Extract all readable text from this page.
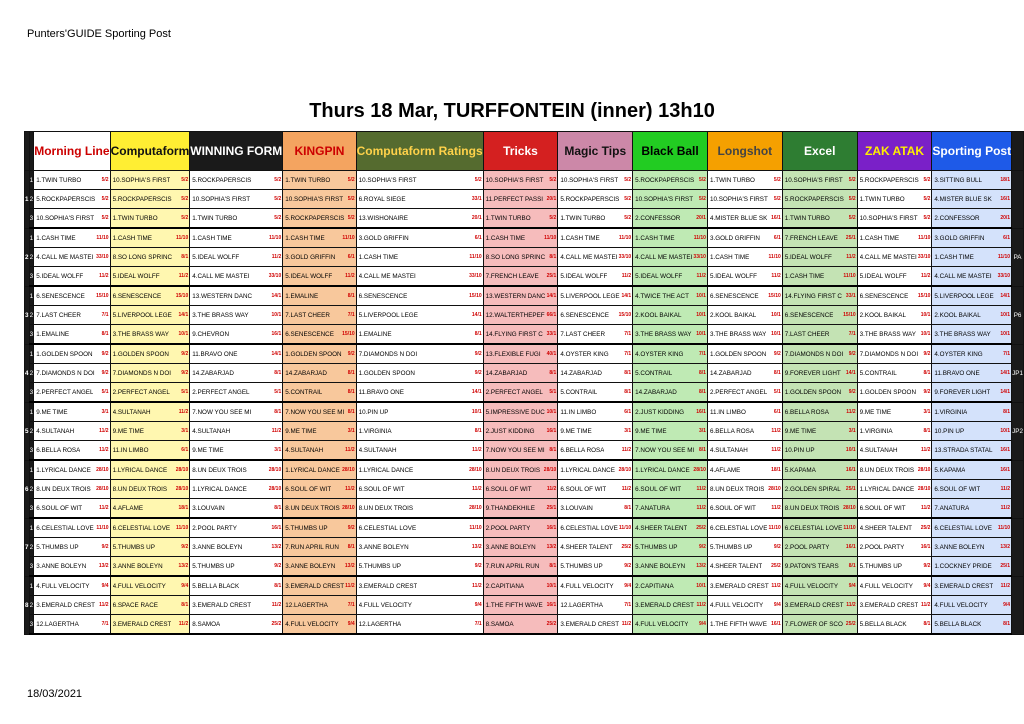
Punters'GUIDE Sporting Post
Thurs 18 Mar, TURFFONTEIN (inner) 13h10

Morning Line	Computaform	WINNING FORM	KINGPIN	Computaform Ratings	Tricks	Magic Tips	Black Ball	Longshot	Excel	ZAK ATAK	Sporting Post	

1	1	1.TWIN TURBO 5/2	10.SOPHIA'S FIRST 5/2	5.ROCKPAPERSCIS 5/2	1.TWIN TURBO 5/2	10.SOPHIA'S FIRST 5/2	10.SOPHIA'S FIRST 5/2	10.SOPHIA'S FIRST 5/2	5.ROCKPAPERSCIS 5/2	1.TWIN TURBO 5/2	10.SOPHIA'S FIRST 5/2	5.ROCKPAPERSCIS 5/2	3.SITTING BULL 18/1	

	2	5.ROCKPAPERSCIS 5/2	5.ROCKPAPERSCIS 5/2	10.SOPHIA'S FIRST 5/2	10.SOPHIA'S FIRST 5/2	6.ROYAL SIEGE 33/1	11.PERFECT PASSI 20/1	5.ROCKPAPERSCIS 5/2	10.SOPHIA'S FIRST 5/2	10.SOPHIA'S FIRST 5/2	5.ROCKPAPERSCIS 5/2	1.TWIN TURBO 5/2	4.MISTER BLUE SK 16/1	

	3	10.SOPHIA'S FIRST 5/2	1.TWIN TURBO 5/2	1.TWIN TURBO 5/2	5.ROCKPAPERSCIS 5/2	13.WISHONAIRE 20/1	1.TWIN TURBO 5/2	1.TWIN TURBO 5/2	2.CONFESSOR 20/1	4.MISTER BLUE SK 16/1	1.TWIN TURBO 5/2	10.SOPHIA'S FIRST 5/2	2.CONFESSOR 20/1	

2	1	1.CASH TIME 11/10	1.CASH TIME 11/10	1.CASH TIME 11/10	1.CASH TIME 11/10	3.GOLD GRIFFIN 6/1	1.CASH TIME 11/10	1.CASH TIME 11/10	1.CASH TIME 11/10	3.GOLD GRIFFIN 6/1	7.FRENCH LEAVE 25/1	1.CASH TIME 11/10	3.GOLD GRIFFIN 6/1	PA
	2	4.CALL ME MASTEI 33/10	8.SO LONG SPRINC 8/1	5.IDEAL WOLFF 11/2	3.GOLD GRIFFIN 6/1	1.CASH TIME 11/10	8.SO LONG SPRINC 8/1	4.CALL ME MASTEI 33/10	4.CALL ME MASTEI 33/10	1.CASH TIME 11/10	5.IDEAL WOLFF 11/2	4.CALL ME MASTEI 33/10	1.CASH TIME 11/10	

	3	5.IDEAL WOLFF 11/2	5.IDEAL WOLFF 11/2	4.CALL ME MASTEI 33/10	5.IDEAL WOLFF 11/2	4.CALL ME MASTEI 33/10	7.FRENCH LEAVE 25/1	5.IDEAL WOLFF 11/2	5.IDEAL WOLFF 11/2	5.IDEAL WOLFF 11/2	1.CASH TIME 11/10	5.IDEAL WOLFF 11/2	4.CALL ME MASTEI 33/10	

3	1	6.SENESCENCE 15/10	6.SENESCENCE 15/10	13.WESTERN DANC 14/1	1.EMALINE 8/1	6.SENESCENCE 15/10	13.WESTERN DANC 14/1	5.LIVERPOOL LEGE 14/1	4.TWICE THE ACT 10/1	6.SENESCENCE 15/10	14.FLYING FIRST C 33/1	6.SENESCENCE 15/10	5.LIVERPOOL LEGE 14/1	P6
	2	7.LAST CHEER 7/1	5.LIVERPOOL LEGE 14/1	3.THE BRASS WAY 10/1	7.LAST CHEER 7/1	5.LIVERPOOL LEGE 14/1	12.WALTERTHEPEF 66/1	6.SENESCENCE 15/10	2.KOOL BAIKAL 10/1	2.KOOL BAIKAL 10/1	6.SENESCENCE 15/10	2.KOOL BAIKAL 10/1	2.KOOL BAIKAL 10/1	

	3	1.EMALINE 8/1	3.THE BRASS WAY 10/1	9.CHEVRON 16/1	6.SENESCENCE 15/10	1.EMALINE 8/1	14.FLYING FIRST C 33/1	7.LAST CHEER 7/1	3.THE BRASS WAY 10/1	3.THE BRASS WAY 10/1	7.LAST CHEER 7/1	3.THE BRASS WAY 10/1	3.THE BRASS WAY 10/1	

4	1	1.GOLDEN SPOON 9/2	1.GOLDEN SPOON 9/2	11.BRAVO ONE 14/1	1.GOLDEN SPOON 9/2	7.DIAMONDS N DOI 9/2	13.FLEXIBLE FUGI 40/1	4.OYSTER KING 7/1	4.OYSTER KING 7/1	1.GOLDEN SPOON 9/2	7.DIAMONDS N DOI 9/2	7.DIAMONDS N DOI 9/2	4.OYSTER KING 7/1	JP1
	2	7.DIAMONDS N DOI 9/2	7.DIAMONDS N DOI 9/2	14.ZABARJAD 8/1	14.ZABARJAD 8/1	1.GOLDEN SPOON 9/2	14.ZABARJAD 8/1	14.ZABARJAD 8/1	5.CONTRAIL 8/1	14.ZABARJAD 8/1	9.FOREVER LIGHT 14/1	5.CONTRAIL 8/1	11.BRAVO ONE 14/1	

	3	2.PERFECT ANGEL 5/1	2.PERFECT ANGEL 5/1	2.PERFECT ANGEL 5/1	5.CONTRAIL 8/1	11.BRAVO ONE 14/1	2.PERFECT ANGEL 5/1	5.CONTRAIL 8/1	14.ZABARJAD 8/1	2.PERFECT ANGEL 5/1	1.GOLDEN SPOON 9/2	1.GOLDEN SPOON 9/2	9.FOREVER LIGHT 14/1	

5	1	9.ME TIME 3/1	4.SULTANAH 11/2	7.NOW YOU SEE MI 8/1	7.NOW YOU SEE MI 8/1	10.PIN UP 10/1	5.IMPRESSIVE DUC 10/1	11.IN LIMBO 6/1	2.JUST KIDDING 16/1	11.IN LIMBO 6/1	6.BELLA ROSA 11/2	9.ME TIME 3/1	1.VIRGINIA 8/1	JP2
	2	4.SULTANAH 11/2	9.ME TIME 3/1	4.SULTANAH 11/2	9.ME TIME 3/1	1.VIRGINIA 8/1	2.JUST KIDDING 16/1	9.ME TIME 3/1	9.ME TIME 3/1	6.BELLA ROSA 11/2	9.ME TIME 3/1	1.VIRGINIA 8/1	10.PIN UP 10/1	

	3	6.BELLA ROSA 11/2	11.IN LIMBO 6/1	9.ME TIME 3/1	4.SULTANAH 11/2	4.SULTANAH 11/2	7.NOW YOU SEE MI 8/1	6.BELLA ROSA 11/2	7.NOW YOU SEE MI 8/1	4.SULTANAH 11/2	10.PIN UP 10/1	4.SULTANAH 11/2	13.STRADA STATAL 16/1	

6	1	1.LYRICAL DANCE 28/10	1.LYRICAL DANCE 28/10	8.UN DEUX TROIS 28/10	1.LYRICAL DANCE 28/10	1.LYRICAL DANCE 28/10	8.UN DEUX TROIS 28/10	1.LYRICAL DANCE 28/10	1.LYRICAL DANCE 28/10	4.AFLAME 18/1	5.KAPAMA 16/1	8.UN DEUX TROIS 28/10	5.KAPAMA 16/1	

	2	8.UN DEUX TROIS 28/10	8.UN DEUX TROIS 28/10	1.LYRICAL DANCE 28/10	6.SOUL OF WIT 11/2	6.SOUL OF WIT 11/2	6.SOUL OF WIT 11/2	6.SOUL OF WIT 11/2	6.SOUL OF WIT 11/2	8.UN DEUX TROIS 28/10	2.GOLDEN SPIRAL 25/1	1.LYRICAL DANCE 28/10	6.SOUL OF WIT 11/2	

	3	6.SOUL OF WIT 11/2	4.AFLAME 18/1	3.LOUVAIN 8/1	8.UN DEUX TROIS 28/10	8.UN DEUX TROIS 28/10	9.THANDEKHILE 25/1	3.LOUVAIN 8/1	7.ANATURA 11/2	6.SOUL OF WIT 11/2	8.UN DEUX TROIS 28/10	6.SOUL OF WIT 11/2	7.ANATURA 11/2	

7	1	6.CELESTIAL LOVE 11/10	6.CELESTIAL LOVE 11/10	2.POOL PARTY 16/1	5.THUMBS UP 9/2	6.CELESTIAL LOVE 11/10	2.POOL PARTY 16/1	6.CELESTIAL LOVE 11/10	4.SHEER TALENT 25/2	6.CELESTIAL LOVE 11/10	6.CELESTIAL LOVE 11/10	4.SHEER TALENT 25/2	6.CELESTIAL LOVE 11/10	

	2	5.THUMBS UP 9/2	5.THUMBS UP 9/2	3.ANNE BOLEYN 13/2	7.RUN APRIL RUN 8/1	3.ANNE BOLEYN 13/2	3.ANNE BOLEYN 13/2	4.SHEER TALENT 25/2	5.THUMBS UP 9/2	5.THUMBS UP 9/2	2.POOL PARTY 16/1	2.POOL PARTY 16/1	3.ANNE BOLEYN 13/2	

	3	3.ANNE BOLEYN 13/2	3.ANNE BOLEYN 13/2	5.THUMBS UP 9/2	3.ANNE BOLEYN 13/2	5.THUMBS UP 9/2	7.RUN APRIL RUN 8/1	5.THUMBS UP 9/2	3.ANNE BOLEYN 13/2	4.SHEER TALENT 25/2	9.PATON'S TEARS 8/1	5.THUMBS UP 9/2	1.COCKNEY PRIDE 25/1	

8	1	4.FULL VELOCITY 9/4	4.FULL VELOCITY 9/4	5.BELLA BLACK 8/1	3.EMERALD CREST 11/2	3.EMERALD CREST 11/2	2.CAPITIANA 10/1	4.FULL VELOCITY 9/4	2.CAPITIANA 10/1	3.EMERALD CREST 11/2	4.FULL VELOCITY 9/4	4.FULL VELOCITY 9/4	3.EMERALD CREST 11/2	

	2	3.EMERALD CREST 11/2	6.SPACE RACE 8/1	3.EMERALD CREST 11/2	12.LAGERTHA 7/1	4.FULL VELOCITY 9/4	1.THE FIFTH WAVE 16/1	12.LAGERTHA 7/1	3.EMERALD CREST 11/2	4.FULL VELOCITY 9/4	3.EMERALD CREST 11/2	3.EMERALD CREST 11/2	4.FULL VELOCITY 9/4	

	3	12.LAGERTHA 7/1	3.EMERALD CREST 11/2	8.SAMOA 25/2	4.FULL VELOCITY 9/4	12.LAGERTHA 7/1	8.SAMOA 25/2	3.EMERALD CREST 11/2	4.FULL VELOCITY 9/4	1.THE FIFTH WAVE 16/1	7.FLOWER OF SCO 25/2	5.BELLA BLACK 8/1	5.BELLA BLACK 8/1	
18/03/2021
